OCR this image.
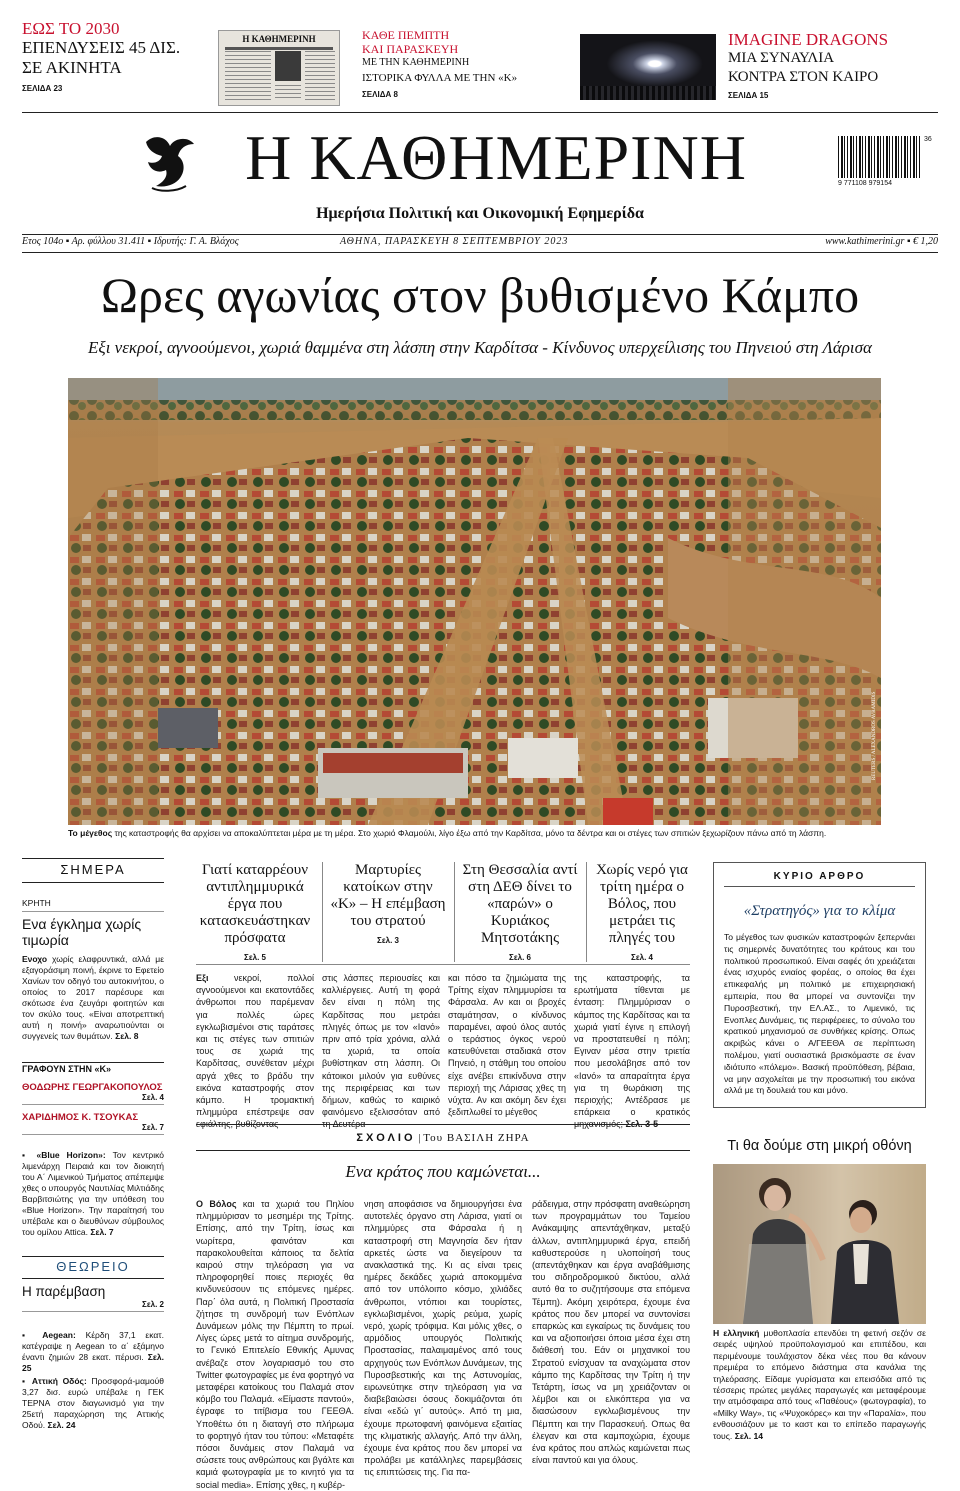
ΕΩΣ ΤΟ 2030
ΕΠΕΝΔΥΣΕΙΣ 45 ΔΙΣ.
ΣΕ ΑΚΙΝΗΤΑ
ΣΕΛΙΔΑ 23
Η ΚΑΘΗΜΕΡΙΝΗ	ΚΑΘΕ ΠΕΜΠΤΗ
ΚΑΙ ΠΑΡΑΣΚΕΥΗ
ΜΕ ΤΗΝ ΚΑΘΗΜΕΡΙΝΗ
ΙΣΤΟΡΙΚΑ ΦΥΛΛΑ ΜΕ ΤΗΝ «Κ»
ΣΕΛΙΔΑ 8
IMAGINE DRAGONS
ΜΙΑ ΣΥΝΑΥΛΙΑ
ΚΟΝΤΡΑ ΣΤΟΝ ΚΑΙΡΟ
ΣΕΛΙΔΑ 15
Η ΚΑΘΗΜΕΡΙΝΗ
Ημερήσια Πολιτική και Οικονομική Εφημερίδα
9 771108 979154
36
Ετος 104ο ▪ Αρ. φύλλου 31.411 ▪ Ιδρυτής: Γ. Α. Βλάχος	ΑΘΗΝΑ, ΠΑΡΑΣΚΕΥΗ 8 ΣΕΠΤΕΜΒΡΙΟΥ 2023	www.kathimerini.gr ▪ € 1,20
Ωρες αγωνίας στον βυθισμένο Κάμπο
Εξι νεκροί, αγνοούμενοι, χωριά θαμμένα στη λάσπη στην Καρδίτσα - Κίνδυνος υπερχείλισης του Πηνειού στη Λάρισα
REUTERS / ALEXANDROS AVRAMIDIS
Το μέγεθος της καταστροφής θα αρχίσει να αποκαλύπτεται μέρα με τη μέρα. Στο χωριό Φλαμούλι, λίγο έξω από την Καρδίτσα, μόνο τα δέντρα και οι στέγες των σπιτιών ξεχωρίζουν πάνω από τη λάσπη.
ΣΗΜΕΡΑ
ΚΡΗΤΗ
Ενα έγκλημα χωρίς τιμωρία
Ενοχο χωρίς ελαφρυντικά, αλλά με εξαγοράσιμη ποινή, έκρινε το Εφετείο Χανίων τον οδηγό του αυτοκινήτου, ο οποίος το 2017 παρέσυρε και σκότωσε ένα ζευγάρι φοιτητών και τον σκύλο τους. «Είναι αποτρεπτική αυτή η ποινή» αναρωτιούνται οι συγγενείς των θυμάτων. Σελ. 8
ΓΡΑΦΟΥΝ ΣΤΗΝ «Κ»
ΘΟΔΩΡΗΣ ΓΕΩΡΓΑΚΟΠΟΥΛΟΣ
Σελ. 4
ΧΑΡΙΔΗΜΟΣ Κ. ΤΣΟΥΚΑΣ
Σελ. 7
▪ «Blue Horizon»: Τον κεντρικό λιμενάρχη Πειραιά και τον διοικητή του Α΄ Λιμενικού Τμήματος απέπεμψε χθες ο υπουργός Ναυτιλίας Μιλτιάδης Βαρβιτσιώτης για την υπόθεση του «Blue Horizon». Την παραίτησή του υπέβαλε και ο διευθύνων σύμβουλος του ομίλου Attica. Σελ. 7
ΘΕΩΡΕΙΟ
Η παρέμβαση
Σελ. 2
▪ Aegean: Κέρδη 37,1 εκατ. κατέγραψε η Aegean το α΄ εξάμηνο έναντι ζημιών 28 εκατ. πέρυσι. Σελ. 25
▪ Αττική Οδός: Προσφορά-μαμούθ 3,27 δισ. ευρώ υπέβαλε η ΓΕΚ ΤΕΡΝΑ στον διαγωνισμό για την 25ετή παραχώρηση της Αττικής Οδού. Σελ. 24
Γιατί καταρρέουν αντιπλημμυρικά έργα που κατασκευάστηκαν πρόσφατα
Σελ. 5
Μαρτυρίες κατοίκων στην «Κ» – Η επέμβαση του στρατού
Σελ. 3
Στη Θεσσαλία αντί στη ΔΕΘ δίνει το «παρών» ο Κυριάκος Μητσοτάκης
Σελ. 6
Χωρίς νερό για τρίτη ημέρα ο Βόλος, που μετράει τις πληγές του
Σελ. 4
Εξι	νεκροί, πολλοί αγνοούμενοι και εκατοντάδες άνθρωποι που παρέμεναν για πολλές ώρες εγκλωβισμένοι στις ταράτσες και τις στέγες των σπιτιών τους σε χωριά της Καρδίτσας, συνέθεταν μέχρι αργά χθες το βράδυ την εικόνα καταστροφής στον κάμπο. Η τρομακτική πλημμύρα επέστρεψε σαν
στις λάσπες περιουσίες και καλλιέργειες. Αυτή τη φορά δεν είναι η πόλη της Καρδίτσας που μετράει πληγές όπως με τον «Ιανό» πριν από τρία χρόνια, αλλά τα χωριά, τα οποία βυθίστηκαν στη λάσπη. Οι κάτοικοι μιλούν για ευθύνες της περιφέρειας και των δήμων, καθώς το καιρικό φαινόμενο εξελισσόταν από
και πόσο τα ζημιώματα της Τρίτης είχαν πλημμυρίσει τα Φάρσαλα. Αν και οι βροχές σταμάτησαν, ο κίνδυνος παραμένει, αφού όλος αυτός ο τεράστιος όγκος νερού κατευθύνεται σταδιακά στον Πηνειό, η στάθμη του οποίου είχε ανέβει επικίνδυνα στην περιοχή της Λάρισας χθες τη νύχτα. Αν και ακόμη δεν έχει ξεδιπλωθεί το μέγεθος
της καταστροφής, τα ερωτήματα τίθενται με ένταση: Πλημμύρισαν ο κάμπος της Καρδίτσας και τα χωριά γιατί έγινε η επιλογή να προστατευθεί η πόλη; Εγιναν μέσα στην τριετία που μεσολάβησε από τον «Ιανό» τα απαραίτητα έργα για τη θωράκιση της περιοχής; Αντέδρασε με επάρκεια ο κρατικός
ΣΧΟΛΙΟ | Του ΒΑΣΙΛΗ ΖΗΡΑ
Ενα κράτος που καμώνεται...
Ο Βόλος και τα χωριά του Πηλίου πλημμύρισαν το μεσημέρι της Τρίτης. Επίσης, από την Τρίτη, ίσως και νωρίτερα, φαινόταν και παρακολουθείται κάποιος τα δελτία καιρού στην τηλεόραση για να πληροφορηθεί ποιες περιοχές θα κινδυνεύσουν τις επόμενες ημέρες. Παρ΄ όλα αυτά, η Πολιτική Προστασία ζήτησε τη συνδρομή των Ενόπλων Δυνάμεων μόλις την Πέμπτη το πρωί. Λίγες ώρες μετά το αίτημα συνδρομής, το Γενικό Επιτελείο Εθνικής Αμυνας ανέβαζε στον λογαριασμό του στο Twitter φωτογραφίες με ένα φορτηγό να μεταφέρει κατοίκους του Παλαμά στον κόμβο του Παλαμά. «Είμαστε παντού», έγραφε το τιτίβισμα του ΓΕΕΘΑ. Υποθέτω ότι η διαταγή στο πλήρωμα το φορτηγό ήταν του τύπου: «Μεταφέτε πόσοι δυνάμεις στον Παλαμά να σώσετε τους ανθρώπους και βγάλτε και καμιά φωτογραφία με το κινητό για τα social media». Επίσης χθες, η κυβέρ-
νηση αποφάσισε να δημιουργήσει ένα αυτοτελές όργανο στη Λάρισα, γιατί οι πλημμύρες στα Φάρσαλα ή η καταστροφή στη Μαγνησία δεν ήταν αρκετές ώστε να διεγείρουν τα ανακλαστικά της. Κι ας είναι τρεις ημέρες δεκάδες χωριά αποκομμένα από τον υπόλοιπο κόσμο, χιλιάδες άνθρωποι, ντόπιοι και τουρίστες, εγκλωβισμένοι, χωρίς ρεύμα, χωρίς νερό, χωρίς τρόφιμα. Και μόλις χθες, ο αρμόδιος υπουργός Πολιτικής Προστασίας, παλαιμαμένος από τους αρχηγούς των Ενόπλων Δυνάμεων, της Πυροσβεστικής και της Αστυνομίας, ειρωνεύτηκε στην τηλεόραση για να διαβεβαιώσει όσους δοκιμάζονται ότι είναι «εδώ γι΄ αυτούς». Από τη μια, έχουμε πρωτοφανή φαινόμενα εξαιτίας της κλιματικής αλλαγής. Από την άλλη, έχουμε ένα κράτος που δεν μπορεί να προλάβει με κατάλληλες παρεμβάσεις τις επιπτώσεις της. Για πα-
ράδειγμα, στην πρόσφατη αναθεώρηση των προγραμμάτων του Ταμείου Ανάκαμψης απεντάχθηκαν, μεταξύ άλλων, αντιπλημμυρικά έργα, επειδή καθυστερούσε η υλοποίησή τους (απεντάχθηκαν και έργα αναβάθμισης του σιδηροδρομικού δικτύου, αλλά αυτό θα το συζητήσουμε στα επόμενα Τέμπη). Ακόμη χειρότερα, έχουμε ένα κράτος που δεν μπορεί να συντονίσει επαρκώς και εγκαίρως τις δυνάμεις του και να αξιοποιήσει όποια μέσα έχει στη διάθεσή του. Εάν οι μηχανικοί του Στρατού ενίσχυαν τα αναχώματα στον κάμπο της Καρδίτσας την Τρίτη ή την Τετάρτη, ίσως να μη χρειάζονταν οι λέμβοι και οι ελικόπτερα για να διασώσουν εγκλωβισμένους την Πέμπτη και την Παρασκευή. Οπως θα έλεγαν και στα καμποχώρια, έχουμε ένα κράτος που απλώς καμώνεται πως είναι παντού και για όλους.
ΚΥΡΙΟ ΑΡΘΡΟ
«Στρατηγός» για το κλίμα
Το μέγεθος των φυσικών καταστροφών ξεπερνάει τις σημερινές δυνατότητες του κράτους και του πολιτικού προσωπικού. Είναι σαφές ότι χρειάζεται ένας ισχυρός ενιαίος φορέας, ο οποίος θα έχει επικεφαλής μη πολιτικό με επιχειρησιακή εμπειρία, που θα μπορεί να συντονίζει την Πυροσβεστική, την ΕΛ.ΑΣ., το Λιμενικό, τις Ενοπλες Δυνάμεις, τις περιφέρειες, το σύνολο του κρατικού μηχανισμού σε συνθήκες κρίσης. Οπως ακριβώς κάνει ο Α/ΓΕΕΘΑ σε περίπτωση πολέμου, γιατί ουσιαστικά βρισκόμαστε σε έναν ιδιότυπο «πόλεμο». Βασική προϋπόθεση, βέβαια, να μην ασχολείται με την προσωπική του εικόνα αλλά με τη δουλειά του και μόνο.
Τι θα δούμε στη μικρή οθόνη
Η ελληνική μυθοπλασία επενδύει τη φετινή σεζόν σε σειρές υψηλού προϋπολογισμού και επιπέδου, και περιμένουμε τουλάχιστον δέκα νέες που θα κάνουν πρεμιέρα το επόμενο διάστημα στα κανάλια της τηλεόρασης. Είδαμε γυρίσματα και επεισόδια από τις τέσσερις πρώτες μεγάλες παραγωγές και μεταφέρουμε την ατμόσφαιρα από τους «Παθέους» (φωτογραφία), το «Milky Way», τις «Ψυχοκόρες» και την «Παραλία», που ενθουσιάζουν με το καστ και το επίπεδο παραγωγής τους. Σελ. 14
